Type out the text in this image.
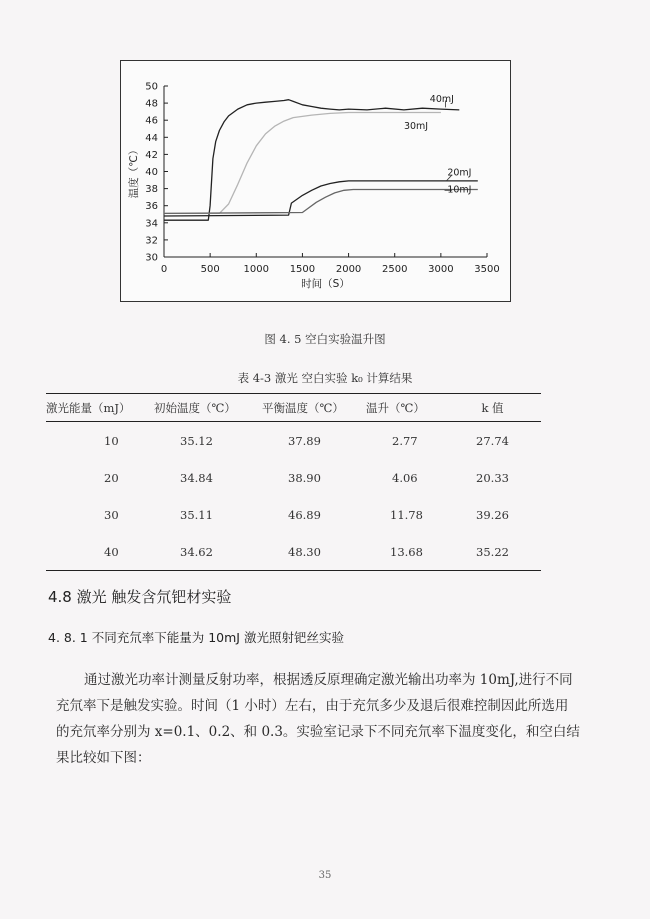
30
32
34
36
38
40
42
44
46
48
50
0	500 1000 1500 2000 2500 3000 3500
时间（S）
温度（℃）
40mJ
30mJ
20mJ
10mJ
图 4. 5 空白实验温升图
表 4-3 激光 空白实验 k₀ 计算结果
激光能量（mJ）	初始温度（℃）	平衡温度（℃）	温升（℃）	k 值
10	35.12	37.89	2.77	27.74
20	34.84	38.90	4.06	20.33
30	35.11	46.89	11.78	39.26
40	34.62	48.30	13.68	35.22
4.8 激光 触发含氘钯材实验
4. 8. 1 不同充氘率下能量为 10mJ 激光照射钯丝实验
通过激光功率计测量反射功率，根据透反原理确定激光输出功率为 10mJ,进行不同
充氘率下是触发实验。时间（1 小时）左右，由于充氘多少及退后很难控制因此所选用
的充氘率分别为 x=0.1、0.2、和 0.3。实验室记录下不同充氘率下温度变化，和空白结
果比较如下图：
35
